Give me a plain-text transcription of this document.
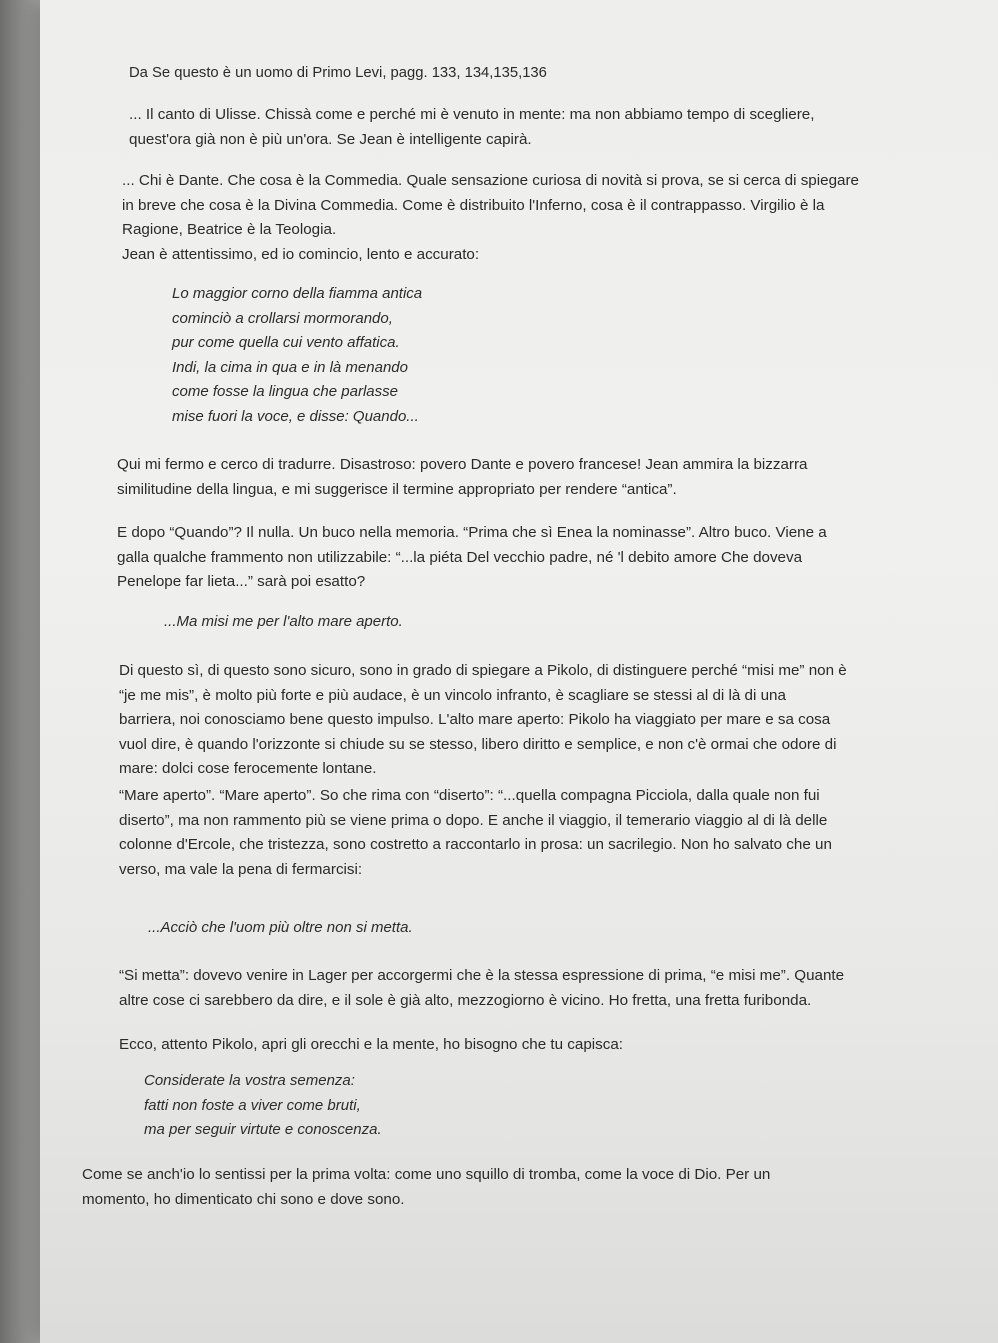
Da Se questo è un uomo di Primo Levi, pagg. 133, 134,135,136
... Il canto di Ulisse. Chissà come e perché mi è venuto in mente: ma non abbiamo tempo di scegliere,
quest'ora già non è più un'ora. Se Jean è intelligente capirà.
... Chi è Dante. Che cosa è la Commedia. Quale sensazione curiosa di novità si prova, se si cerca di spiegare
in breve che cosa è la Divina Commedia. Come è distribuito l'Inferno, cosa è il contrappasso. Virgilio è la
Ragione, Beatrice è la Teologia.
Jean è attentissimo, ed io comincio, lento e accurato:
Lo maggior corno della fiamma antica
cominciò a crollarsi mormorando,
pur come quella cui vento affatica.
Indi, la cima in qua e in là menando
come fosse la lingua che parlasse
mise fuori la voce, e disse: Quando...
Qui mi fermo e cerco di tradurre. Disastroso: povero Dante e povero francese! Jean ammira la bizzarra
similitudine della lingua, e mi suggerisce il termine appropriato per rendere “antica”.
E dopo “Quando”? Il nulla. Un buco nella memoria. “Prima che sì Enea la nominasse”. Altro buco. Viene a
galla qualche frammento non utilizzabile: “...la piéta Del vecchio padre, né 'l debito amore Che doveva
Penelope far lieta...” sarà poi esatto?
...Ma misi me per l'alto mare aperto.
Di questo sì, di questo sono sicuro, sono in grado di spiegare a Pikolo, di distinguere perché “misi me” non è
“je me mis”, è molto più forte e più audace, è un vincolo infranto, è scagliare se stessi al di là di una
barriera, noi conosciamo bene questo impulso. L'alto mare aperto: Pikolo ha viaggiato per mare e sa cosa
vuol dire, è quando l'orizzonte si chiude su se stesso, libero diritto e semplice, e non c'è ormai che odore di
mare: dolci cose ferocemente lontane.
“Mare aperto”. “Mare aperto”. So che rima con “diserto”: “...quella compagna Picciola, dalla quale non fui
diserto”, ma non rammento più se viene prima o dopo. E anche il viaggio, il temerario viaggio al di là delle
colonne d'Ercole, che tristezza, sono costretto a raccontarlo in prosa: un sacrilegio. Non ho salvato che un
verso, ma vale la pena di fermarcisi:
...Acciò che l'uom più oltre non si metta.
“Si metta”: dovevo venire in Lager per accorgermi che è la stessa espressione di prima, “e misi me”. Quante
altre cose ci sarebbero da dire, e il sole è già alto, mezzogiorno è vicino. Ho fretta, una fretta furibonda.
Ecco, attento Pikolo, apri gli orecchi e la mente, ho bisogno che tu capisca:
Considerate la vostra semenza:
fatti non foste a viver come bruti,
ma per seguir virtute e conoscenza.
Come se anch'io lo sentissi per la prima volta: come uno squillo di tromba, come la voce di Dio. Per un
momento, ho dimenticato chi sono e dove sono.
